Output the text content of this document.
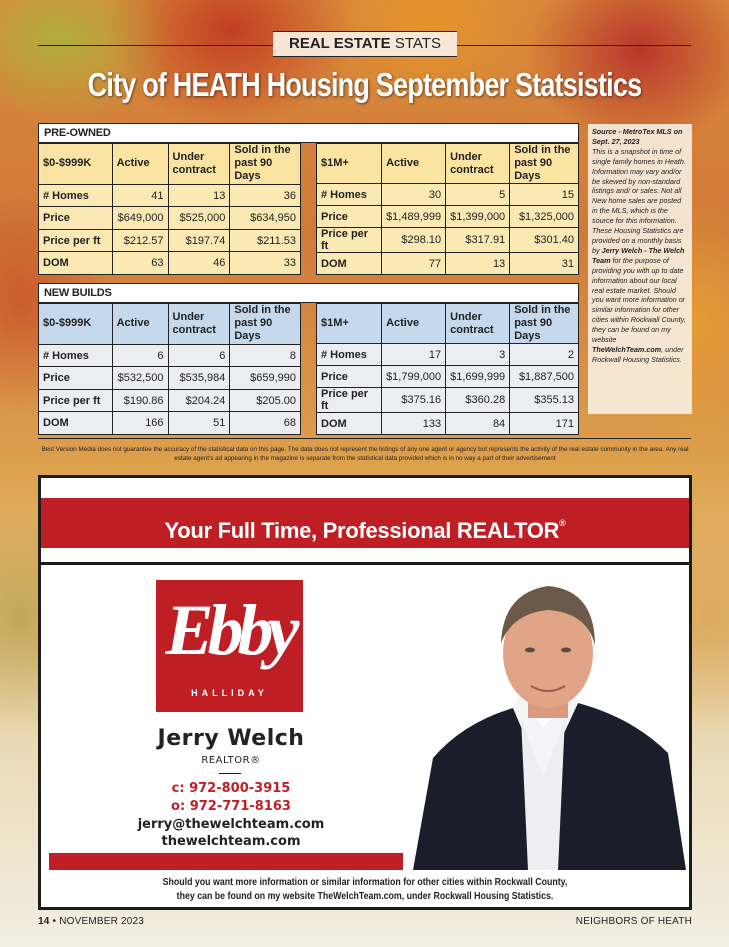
REAL ESTATE STATS
City of HEATH Housing September Statsistics
PRE-OWNED
$0-$999K	Active	Under contract	Sold in the past 90 Days
# Homes	41	13	36
Price	$649,000	$525,000	$634,950
Price per ft	$212.57	$197.74	$211.53
DOM	63	46	33
$1M+	Active	Under contract	Sold in the past 90 Days
# Homes	30	5	15
Price	$1,489,999	$1,399,000	$1,325,000
Price per ft	$298.10	$317.91	$301.40
DOM	77	13	31
NEW BUILDS
$0-$999K	Active	Under contract	Sold in the past 90 Days
# Homes	6	6	8
Price	$532,500	$535,984	$659,990
Price per ft	$190.86	$204.24	$205.00
DOM	166	51	68
$1M+	Active	Under contract	Sold in the past 90 Days
# Homes	17	3	2
Price	$1,799,000	$1,699,999	$1,887,500
Price per ft	$375.16	$360.28	$355.13
DOM	133	84	171
Source - MetroTex MLS on Sept. 27, 2023
This is a snapshot in time of single family homes in Heath. Information may vary and/or be skewed by non-standard listings and/ or sales. Not all New home sales are posted in the MLS, which is the source for this information. These Housing Statistics are provided on a monthly basis by Jerry Welch - The Welch Team for the purpose of providing you with up to date information about our local real estate market. Should you want more information or similar information for other cities within Rockwall County, they can be found on my website TheWelchTeam.com, under Rockwall Housing Statistics.
Best Version Media does not guarantee the accuracy of the statistical data on this page. The data does not represent the listings of any one agent or agency but represents the activity of the real estate community in the area. Any real estate agent's ad appearing in the magazine is separate from the statistical data provided which is in no way a part of their advertisement
Your Full Time, Professional REALTOR®
Ebby
HALLIDAY
Jerry Welch
REALTOR®
c: 972-800-3915
o: 972-771-8163
jerry@thewelchteam.com
thewelchteam.com
Should you want more information or similar information for other cities within Rockwall County,
they can be found on my website TheWelchTeam.com, under Rockwall Housing Statistics.
14 • NOVEMBER 2023	NEIGHBORS OF HEATH
